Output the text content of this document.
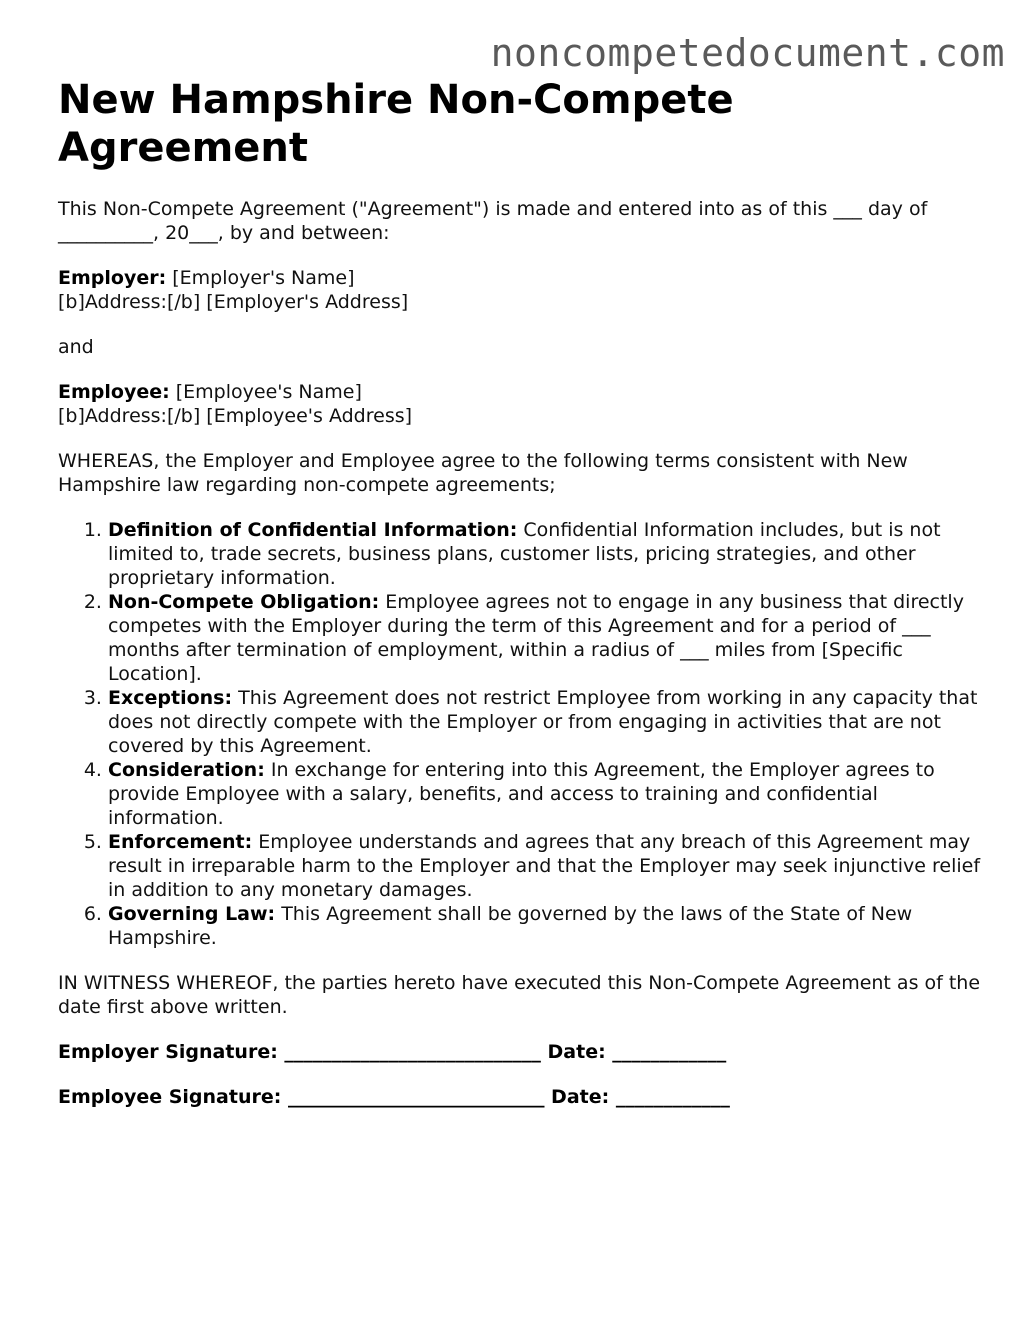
noncompetedocument.com
New Hampshire Non-Compete Agreement

This Non-Compete Agreement ("Agreement") is made and entered into as of this ___ day of __________, 20___, by and between:

Employer: [Employer's Name]
[b]Address:[/b] [Employer's Address]

and

Employee: [Employee's Name]
[b]Address:[/b] [Employee's Address]

WHEREAS, the Employer and Employee agree to the following terms consistent with New Hampshire law regarding non-compete agreements;

1. Definition of Confidential Information: Confidential Information includes, but is not limited to, trade secrets, business plans, customer lists, pricing strategies, and other proprietary information.
2. Non-Compete Obligation: Employee agrees not to engage in any business that directly competes with the Employer during the term of this Agreement and for a period of ___ months after termination of employment, within a radius of ___ miles from [Specific Location].
3. Exceptions: This Agreement does not restrict Employee from working in any capacity that does not directly compete with the Employer or from engaging in activities that are not covered by this Agreement.
4. Consideration: In exchange for entering into this Agreement, the Employer agrees to provide Employee with a salary, benefits, and access to training and confidential information.
5. Enforcement: Employee understands and agrees that any breach of this Agreement may result in irreparable harm to the Employer and that the Employer may seek injunctive relief in addition to any monetary damages.
6. Governing Law: This Agreement shall be governed by the laws of the State of New Hampshire.

IN WITNESS WHEREOF, the parties hereto have executed this Non-Compete Agreement as of the date first above written.

Employer Signature: ___________________________ Date: ____________

Employee Signature: ___________________________ Date: ____________
